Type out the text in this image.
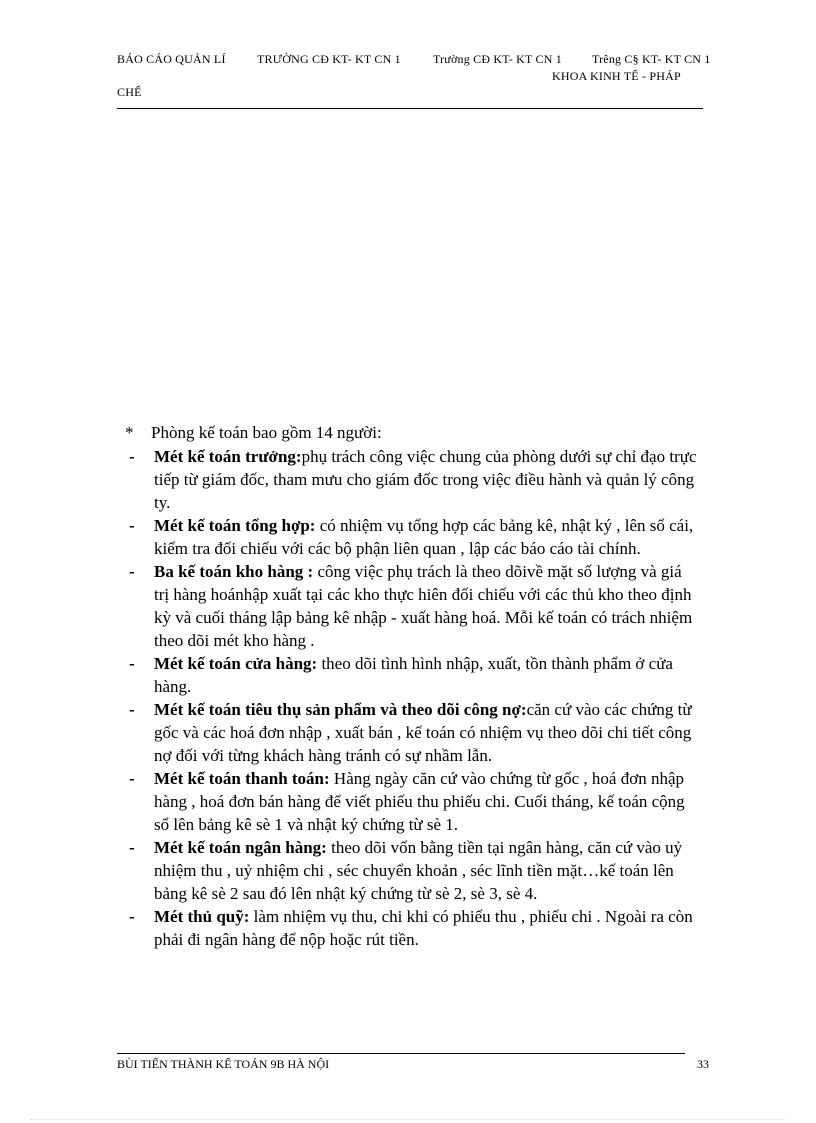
BÁO CÁO QUẢN LÍ	TRƯỜNG CĐ KT- KT CN 1	Trường CĐ KT- KT CN 1	Trêng C§ KT- KT CN 1
KHOA KINH TẾ - PHÁP
CHẾ
* Phòng kế toán bao gồm 14 người:
- Mét kế toán trưởng:phụ trách công việc chung của phòng dưới sự chỉ đạo trực tiếp từ giám đốc, tham mưu cho giám đốc trong việc điều hành và quản lý công ty.
- Mét kế toán tổng hợp: có nhiệm vụ tổng hợp các bảng kê, nhật ký , lên sổ cái, kiểm tra đối chiếu với các bộ phận liên quan , lập các báo cáo tài chính.
- Ba kế toán kho hàng : công việc phụ trách là theo dõivề mặt số lượng và giá trị hàng hoánhập xuất tại các kho thực hiên đối chiếu với các thủ kho theo định kỳ và cuối tháng lập bảng kê nhập - xuất hàng hoá. Mỗi kế toán có trách nhiệm theo dõi mét kho hàng .
- Mét kế toán cửa hàng: theo dõi tình hình nhập, xuất, tồn thành phẩm ở cửa hàng.
- Mét kế toán tiêu thụ sản phẩm và theo dõi công nợ:căn cứ vào các chứng từ gốc và các hoá đơn nhập , xuất bán , kế toán có nhiệm vụ theo dõi chi tiết công nợ đối với từng khách hàng tránh có sự nhầm lẫn.
- Mét kế toán thanh toán: Hàng ngày căn cứ vào chứng từ gốc , hoá đơn nhập hàng , hoá đơn bán hàng để viết phiếu thu phiếu chi. Cuối tháng, kế toán cộng sổ lên bảng kê sè 1 và nhật ký chứng từ sè 1.
- Mét kế toán ngân hàng: theo dõi vốn bằng tiền tại ngân hàng, căn cứ vào uỷ nhiệm thu , uỷ nhiệm chi , séc chuyển khoản , séc lĩnh tiền mặt…kế toán lên bảng kê sè 2 sau đó lên nhật ký chứng từ sè 2, sè 3, sè 4.
- Mét thủ quỹ: làm nhiệm vụ thu, chi khi có phiếu thu , phiếu chi . Ngoài ra còn phải đi ngân hàng để nộp hoặc rút tiền.
BÙI TIẾN THÀNH KẾ TOÁN 9B HÀ NỘI	33
